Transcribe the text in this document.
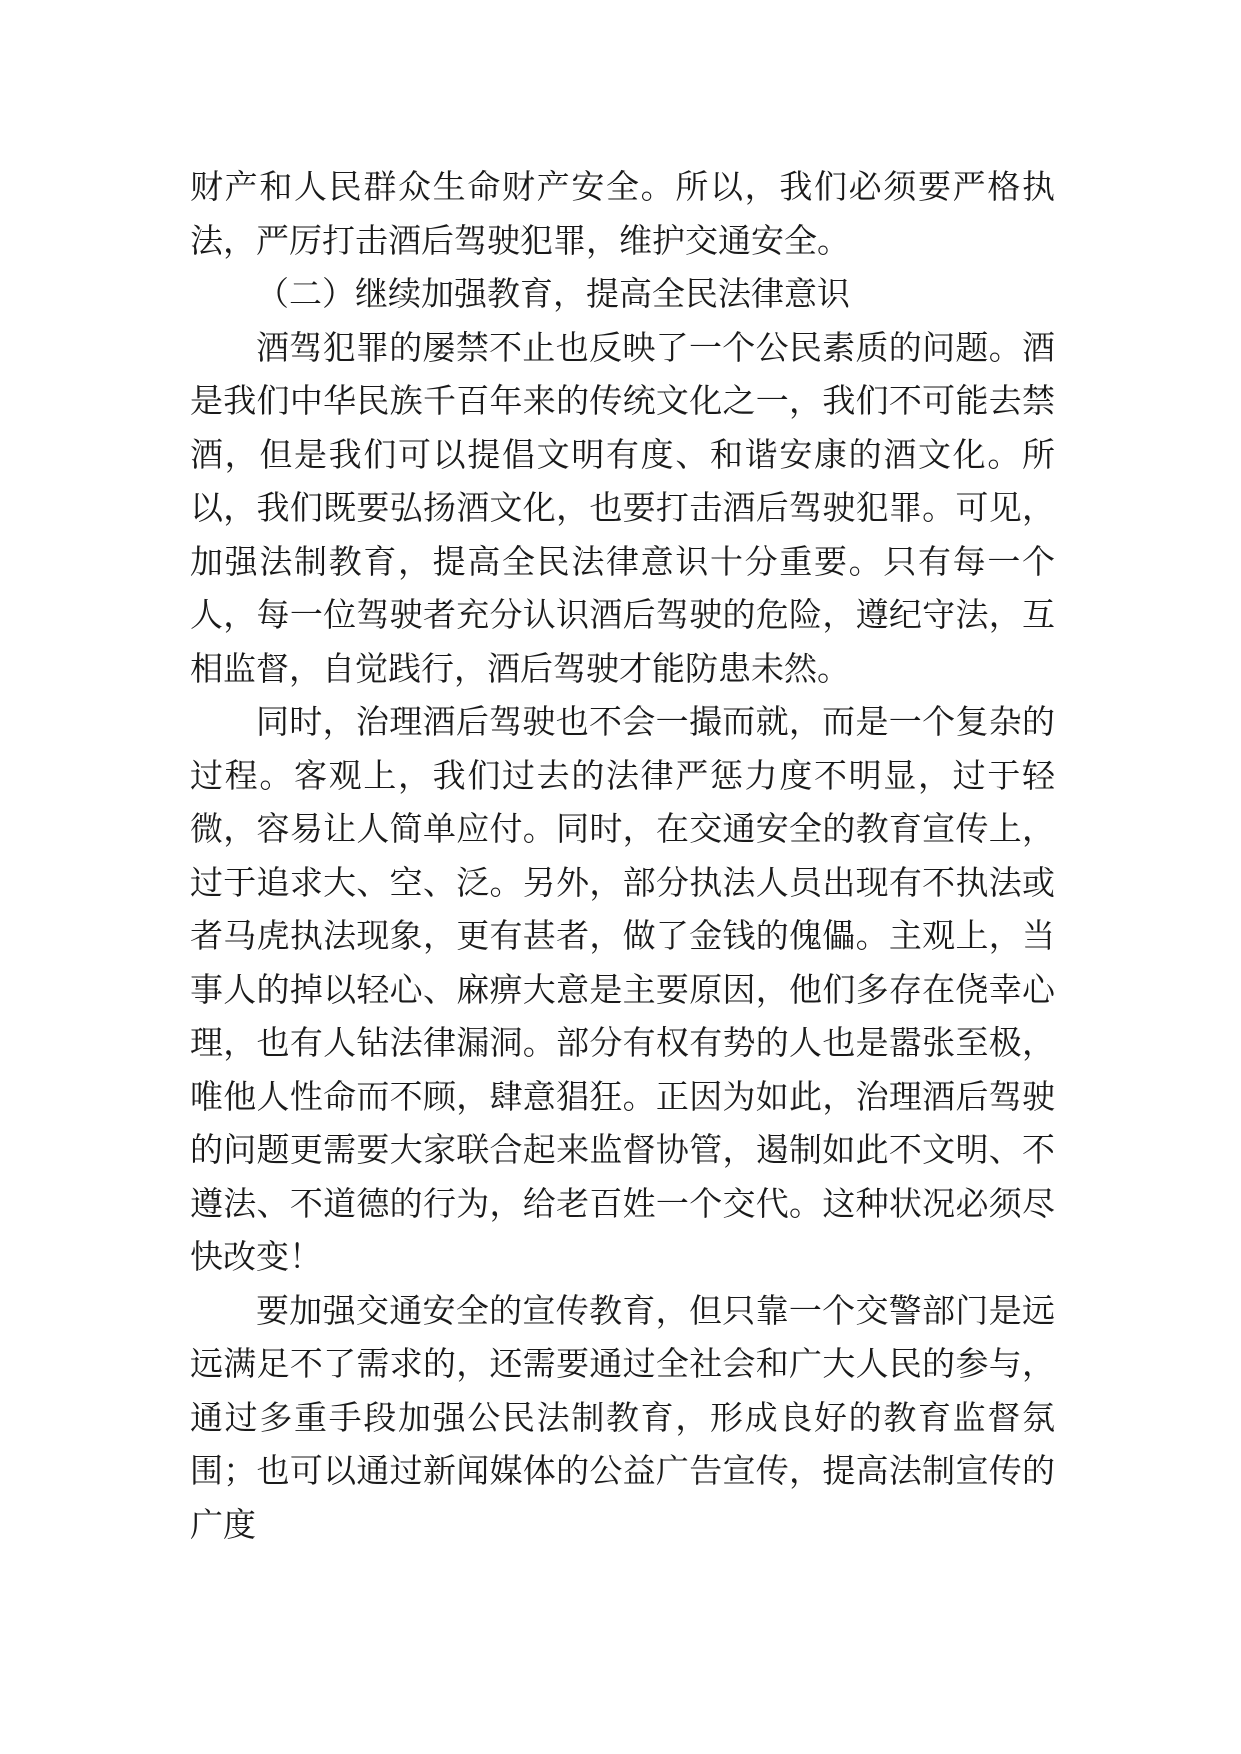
财产和人民群众生命财产安全。所以，我们必须要严格执法，严厉打击酒后驾驶犯罪，维护交通安全。

（二）继续加强教育，提高全民法律意识

酒驾犯罪的屡禁不止也反映了一个公民素质的问题。酒是我们中华民族千百年来的传统文化之一，我们不可能去禁酒，但是我们可以提倡文明有度、和谐安康的酒文化。所以，我们既要弘扬酒文化，也要打击酒后驾驶犯罪。可见，加强法制教育，提高全民法律意识十分重要。只有每一个人，每一位驾驶者充分认识酒后驾驶的危险，遵纪守法，互相监督，自觉践行，酒后驾驶才能防患未然。

同时，治理酒后驾驶也不会一撮而就，而是一个复杂的过程。客观上，我们过去的法律严惩力度不明显，过于轻微，容易让人简单应付。同时，在交通安全的教育宣传上，过于追求大、空、泛。另外，部分执法人员出现有不执法或者马虎执法现象，更有甚者，做了金钱的傀儡。主观上，当事人的掉以轻心、麻痹大意是主要原因，他们多存在侥幸心理，也有人钻法律漏洞。部分有权有势的人也是嚣张至极，唯他人性命而不顾，肆意猖狂。正因为如此，治理酒后驾驶的问题更需要大家联合起来监督协管，遏制如此不文明、不遵法、不道德的行为，给老百姓一个交代。这种状况必须尽快改变！

要加强交通安全的宣传教育，但只靠一个交警部门是远远满足不了需求的，还需要通过全社会和广大人民的参与，通过多重手段加强公民法制教育，形成良好的教育监督氛围；也可以通过新闻媒体的公益广告宣传，提高法制宣传的广度
